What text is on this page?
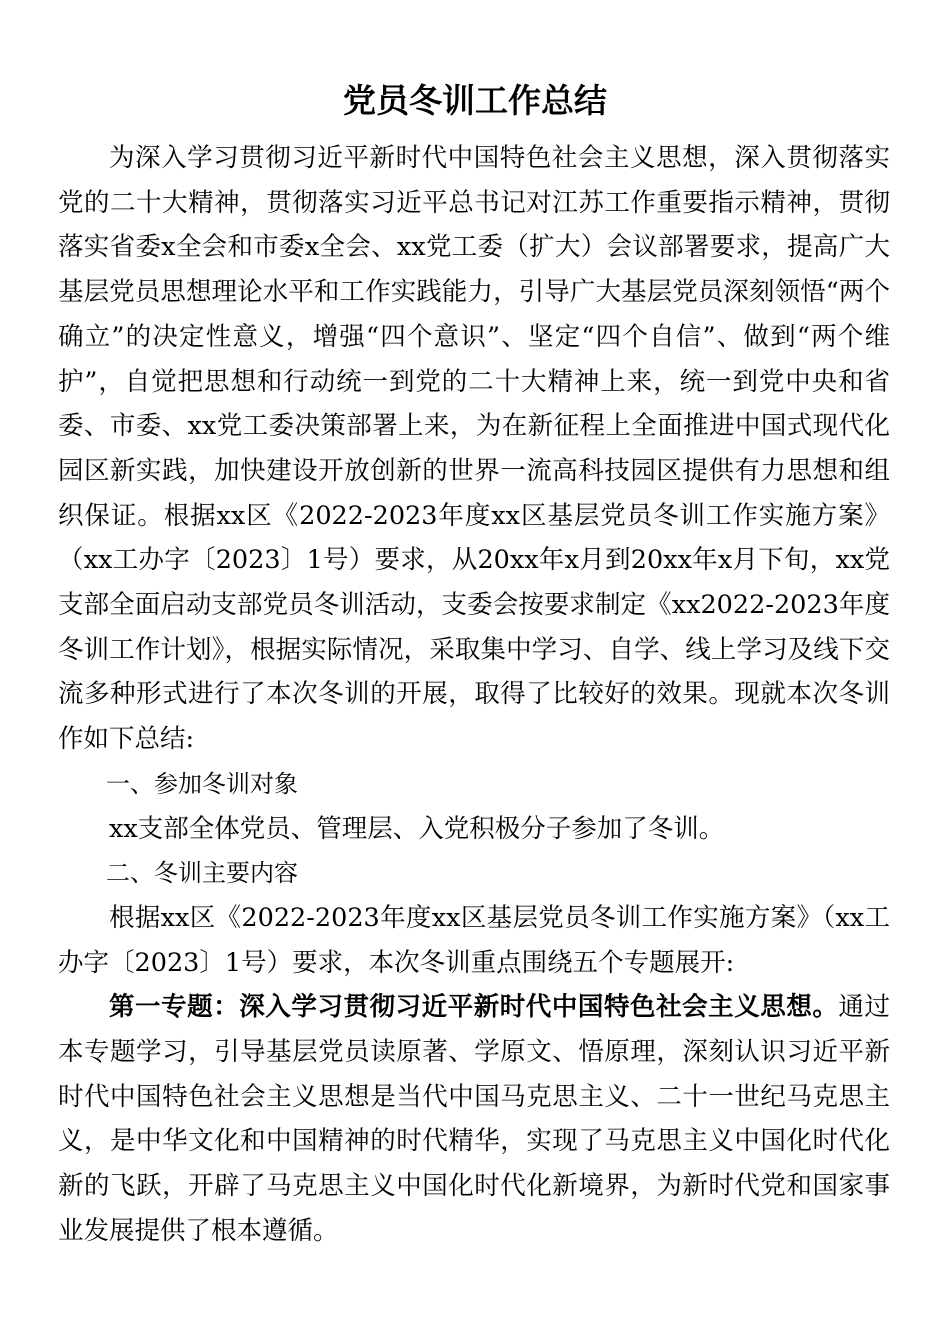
党员冬训工作总结

为深入学习贯彻习近平新时代中国特色社会主义思想，深入贯彻落实党的二十大精神，贯彻落实习近平总书记对江苏工作重要指示精神，贯彻落实省委x全会和市委x全会、xx党工委（扩大）会议部署要求，提高广大基层党员思想理论水平和工作实践能力，引导广大基层党员深刻领悟“两个确立”的决定性意义，增强“四个意识”、坚定“四个自信”、做到“两个维护”，自觉把思想和行动统一到党的二十大精神上来，统一到党中央和省委、市委、xx党工委决策部署上来，为在新征程上全面推进中国式现代化园区新实践，加快建设开放创新的世界一流高科技园区提供有力思想和组织保证。根据xx区《2022-2023年度xx区基层党员冬训工作实施方案》（xx工办字〔2023〕1号）要求，从20xx年x月到20xx年x月下旬，xx党支部全面启动支部党员冬训活动，支委会按要求制定《xx2022-2023年度冬训工作计划》，根据实际情况，采取集中学习、自学、线上学习及线下交流多种形式进行了本次冬训的开展，取得了比较好的效果。现就本次冬训作如下总结:

一、参加冬训对象

xx支部全体党员、管理层、入党积极分子参加了冬训。

二、冬训主要内容

根据xx区《2022-2023年度xx区基层党员冬训工作实施方案》（xx工办字〔2023〕1号）要求，本次冬训重点围绕五个专题展开:

第一专题：深入学习贯彻习近平新时代中国特色社会主义思想。通过本专题学习，引导基层党员读原著、学原文、悟原理，深刻认识习近平新时代中国特色社会主义思想是当代中国马克思主义、二十一世纪马克思主义，是中华文化和中国精神的时代精华，实现了马克思主义中国化时代化新的飞跃，开辟了马克思主义中国化时代化新境界，为新时代党和国家事业发展提供了根本遵循。
